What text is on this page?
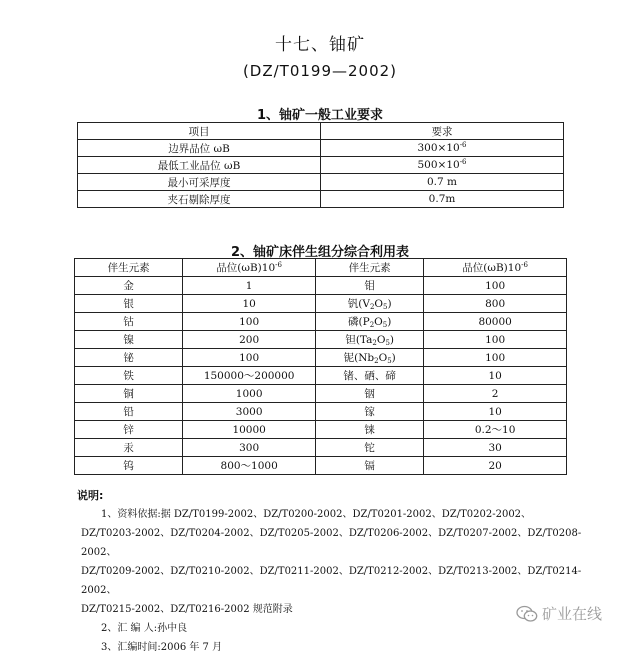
十七、铀矿
(DZ/T0199—2002)
1、铀矿一般工业要求
项目	要求
边界品位 ωB	$300\times 10^{-6}$
最低工业品位 ωB	$500\times 10^{-6}$
最小可采厚度	0.7 m
夹石剔除厚度	0.7m
2、铀矿床伴生组分综合利用表
伴生元素	品位$(\omega B)10^{-6}$	伴生元素	品位$(\omega B)10^{-6}$
金	1	钼	100
银	10	钒$(V_2O_5)$	800
钴	100	磷$(P_2O_5)$	80000
镍	200	钽$(Ta_2O_5)$	100
铋	100	铌$(Nb_2O_5)$	100
铁	150000～200000	锗、硒、碲	10
铜	1000	铟	2
铅	3000	镓	10
锌	10000	铼	0.2～10
汞	300	铊	30
钨	800～1000	镉	20
说明:
1、资料依据:据 DZ/T0199-2002、DZ/T0200-2002、DZ/T0201-2002、DZ/T0202-2002、
DZ/T0203-2002、DZ/T0204-2002、DZ/T0205-2002、DZ/T0206-2002、DZ/T0207-2002、DZ/T0208-2002、
DZ/T0209-2002、DZ/T0210-2002、DZ/T0211-2002、DZ/T0212-2002、DZ/T0213-2002、DZ/T0214-2002、
DZ/T0215-2002、DZ/T0216-2002 规范附录
2、汇 编 人:孙中良
3、汇编时间:2006 年 7 月
矿业在线
